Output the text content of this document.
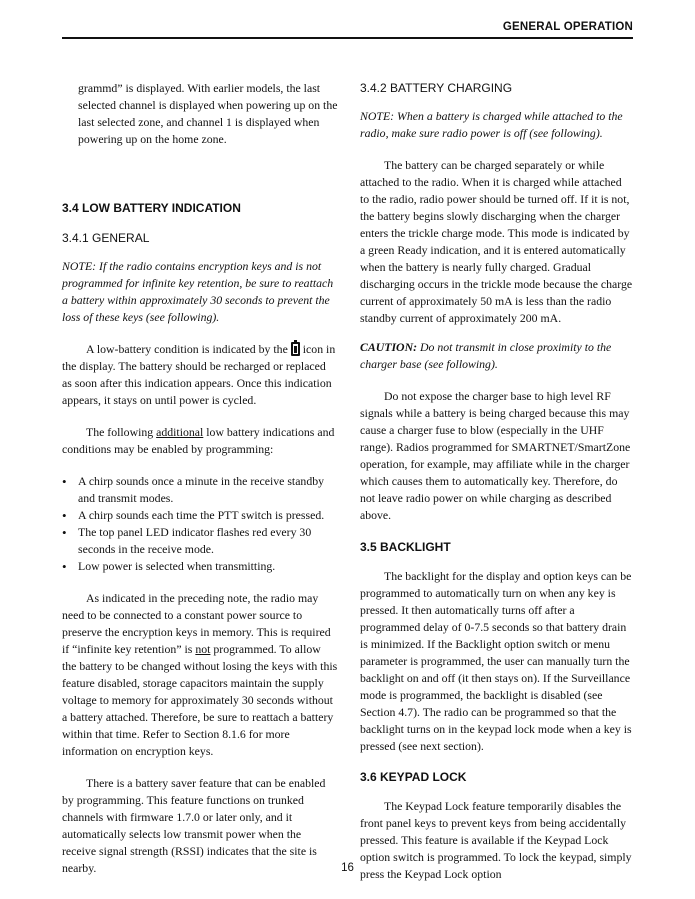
GENERAL OPERATION

grammd” is displayed. With earlier models, the last selected channel is displayed when powering up on the last selected zone, and channel 1 is displayed when powering up on the home zone.

3.4 LOW BATTERY INDICATION
3.4.1 GENERAL

NOTE: If the radio contains encryption keys and is not programmed for infinite key retention, be sure to reattach a battery within approximately 30 seconds to prevent the loss of these keys (see following).

A low-battery condition is indicated by the icon in the display. The battery should be recharged or replaced as soon after this indication appears. Once this indication appears, it stays on until power is cycled.

The following additional low battery indications and conditions may be enabled by programming:

• A chirp sounds once a minute in the receive standby and transmit modes.
• A chirp sounds each time the PTT switch is pressed.
• The top panel LED indicator flashes red every 30 seconds in the receive mode.
• Low power is selected when transmitting.

As indicated in the preceding note, the radio may need to be connected to a constant power source to preserve the encryption keys in memory. This is required if “infinite key retention” is not programmed. To allow the battery to be changed without losing the keys with this feature disabled, storage capacitors maintain the supply voltage to memory for approximately 30 seconds without a battery attached. Therefore, be sure to reattach a battery within that time. Refer to Section 8.1.6 for more information on encryption keys.

There is a battery saver feature that can be enabled by programming. This feature functions on trunked channels with firmware 1.7.0 or later only, and it automatically selects low transmit power when the receive signal strength (RSSI) indicates that the site is nearby.

3.4.2 BATTERY CHARGING

NOTE: When a battery is charged while attached to the radio, make sure radio power is off (see following).

The battery can be charged separately or while attached to the radio. When it is charged while attached to the radio, radio power should be turned off. If it is not, the battery begins slowly discharging when the charger enters the trickle charge mode. This mode is indicated by a green Ready indication, and it is entered automatically when the battery is nearly fully charged. Gradual discharging occurs in the trickle mode because the charge current of approximately 50 mA is less than the radio standby current of approximately 200 mA.

CAUTION: Do not transmit in close proximity to the charger base (see following).

Do not expose the charger base to high level RF signals while a battery is being charged because this may cause a charger fuse to blow (especially in the UHF range). Radios programmed for SMARTNET/SmartZone operation, for example, may affiliate while in the charger which causes them to automatically key. Therefore, do not leave radio power on while charging as described above.

3.5 BACKLIGHT

The backlight for the display and option keys can be programmed to automatically turn on when any key is pressed. It then automatically turns off after a programmed delay of 0-7.5 seconds so that battery drain is minimized. If the Backlight option switch or menu parameter is programmed, the user can manually turn the backlight on and off (it then stays on). If the Surveillance mode is programmed, the backlight is disabled (see Section 4.7). The radio can be programmed so that the backlight turns on in the keypad lock mode when a key is pressed (see next section).

3.6 KEYPAD LOCK

The Keypad Lock feature temporarily disables the front panel keys to prevent keys from being accidentally pressed. This feature is available if the Keypad Lock option switch is programmed. To lock the keypad, simply press the Keypad Lock option

16
